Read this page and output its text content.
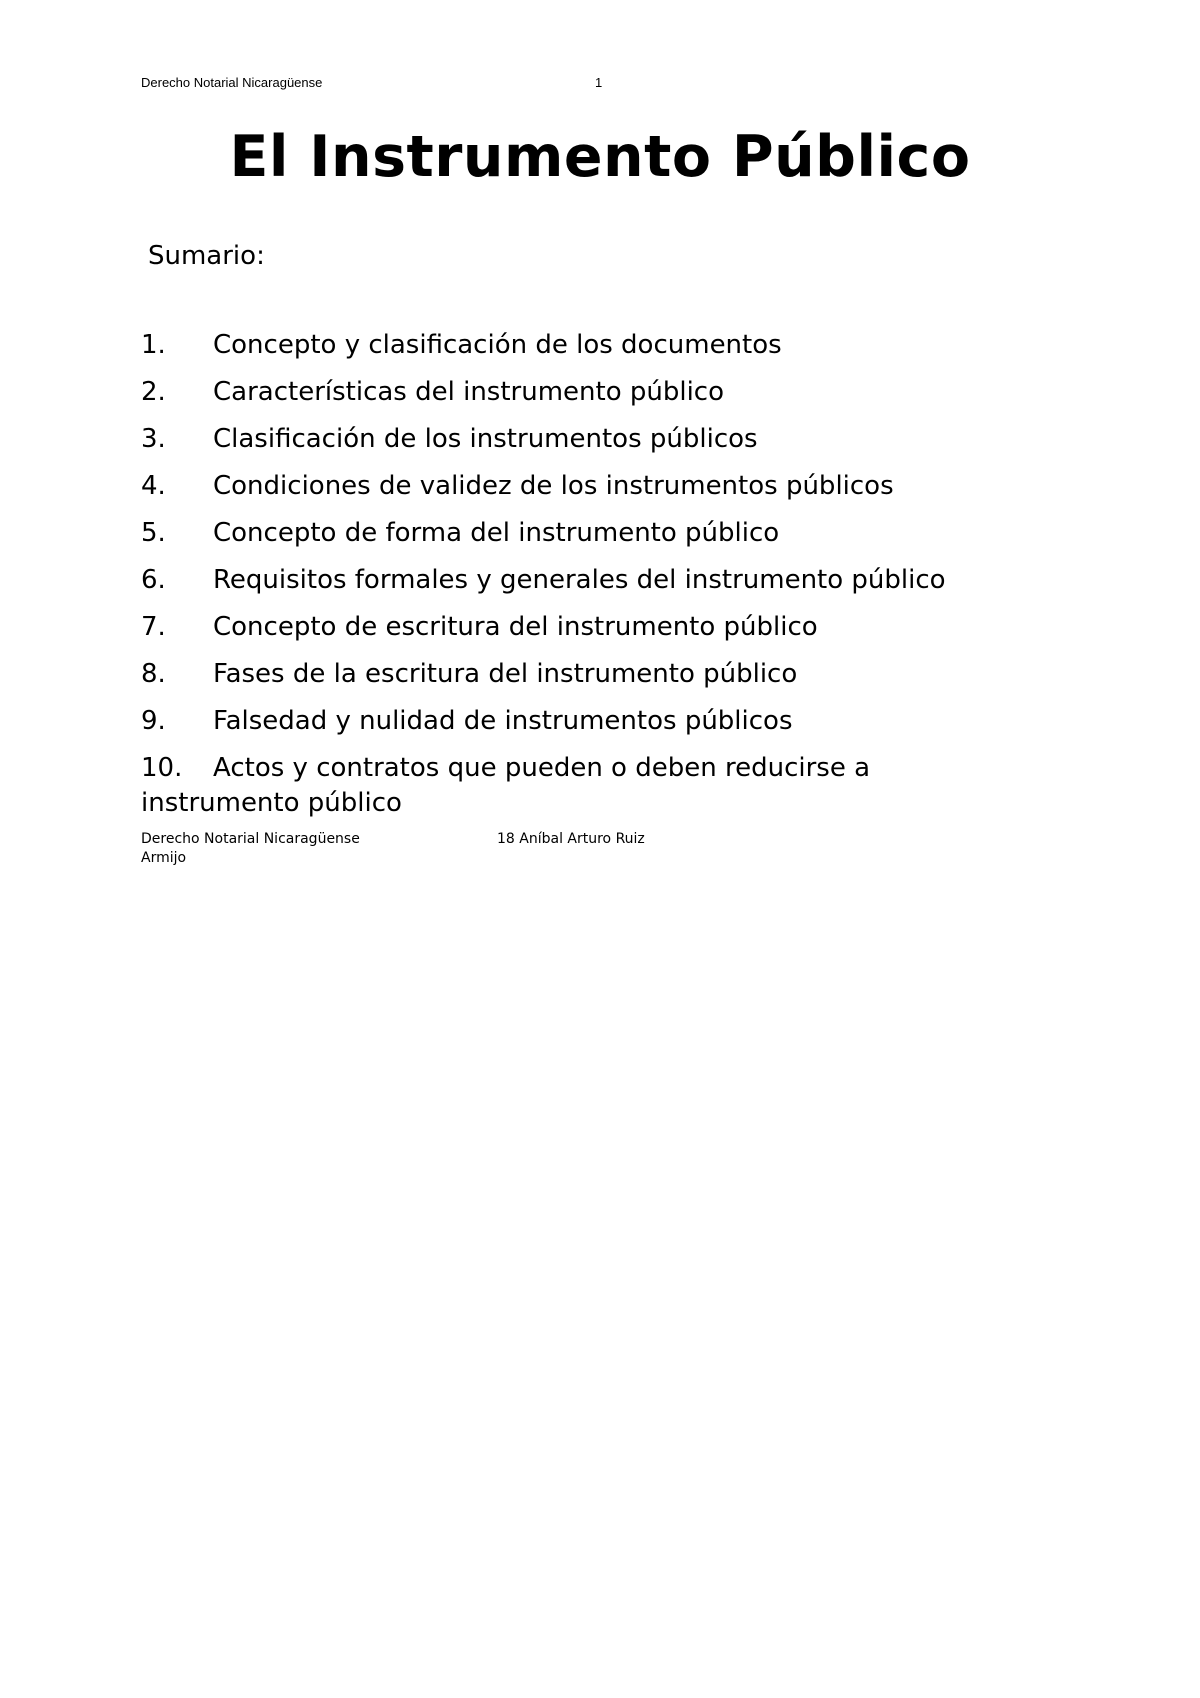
Derecho Notarial Nicaragüense	1
El Instrumento Público

Sumario:

1. Concepto y clasificación de los documentos
2. Características del instrumento público
3. Clasificación de los instrumentos públicos
4. Condiciones de validez de los instrumentos públicos
5. Concepto de forma del instrumento público
6. Requisitos formales y generales del instrumento público
7. Concepto de escritura del instrumento público
8. Fases de la escritura del instrumento público
9. Falsedad y nulidad de instrumentos públicos
10. Actos y contratos que pueden o deben reducirse a instrumento público
Derecho Notarial Nicaragüense	18 Aníbal Arturo Ruiz
Armijo
